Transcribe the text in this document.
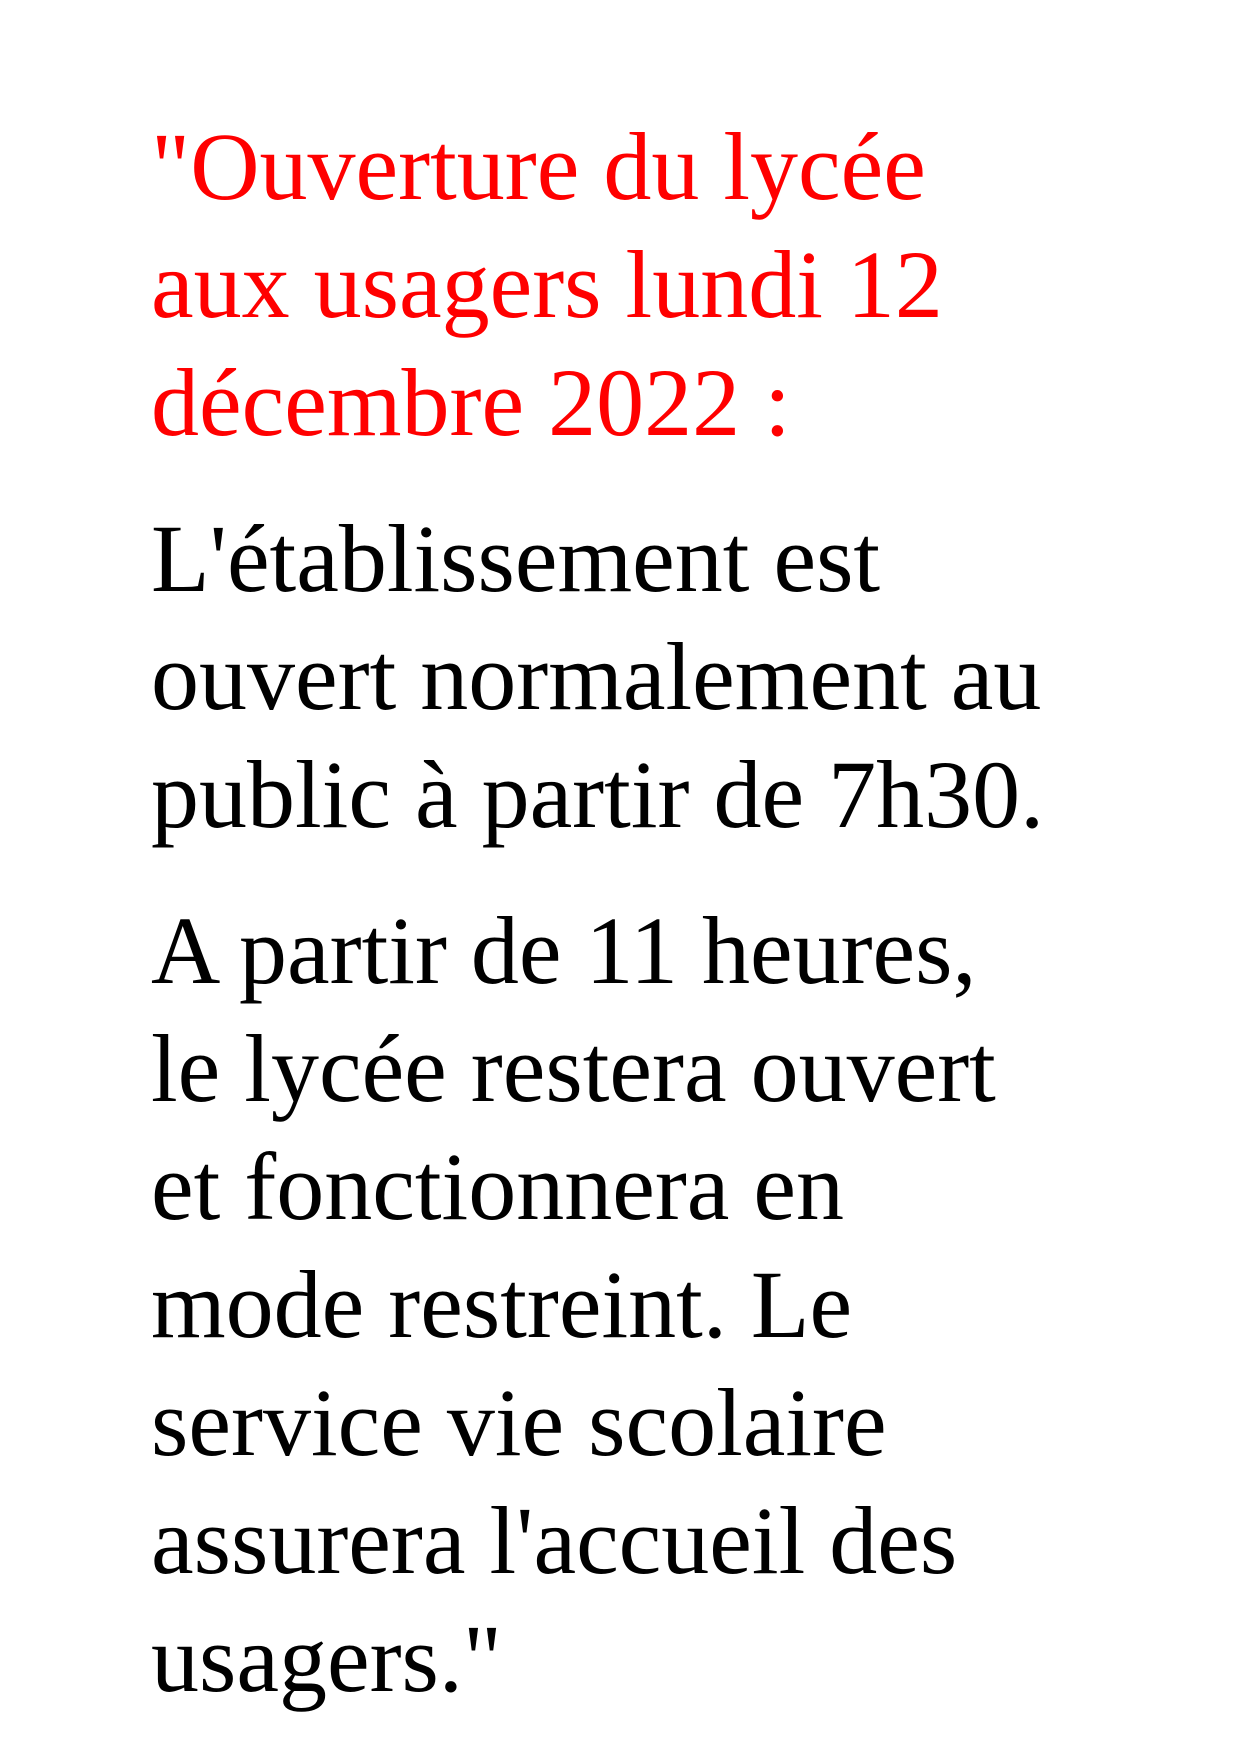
"Ouverture du lycée
aux usagers lundi 12
décembre 2022 :
L'établissement est
ouvert normalement au
public à partir de 7h30.
A partir de 11 heures,
le lycée restera ouvert
et fonctionnera en
mode restreint. Le
service vie scolaire
assurera l'accueil des
usagers."
